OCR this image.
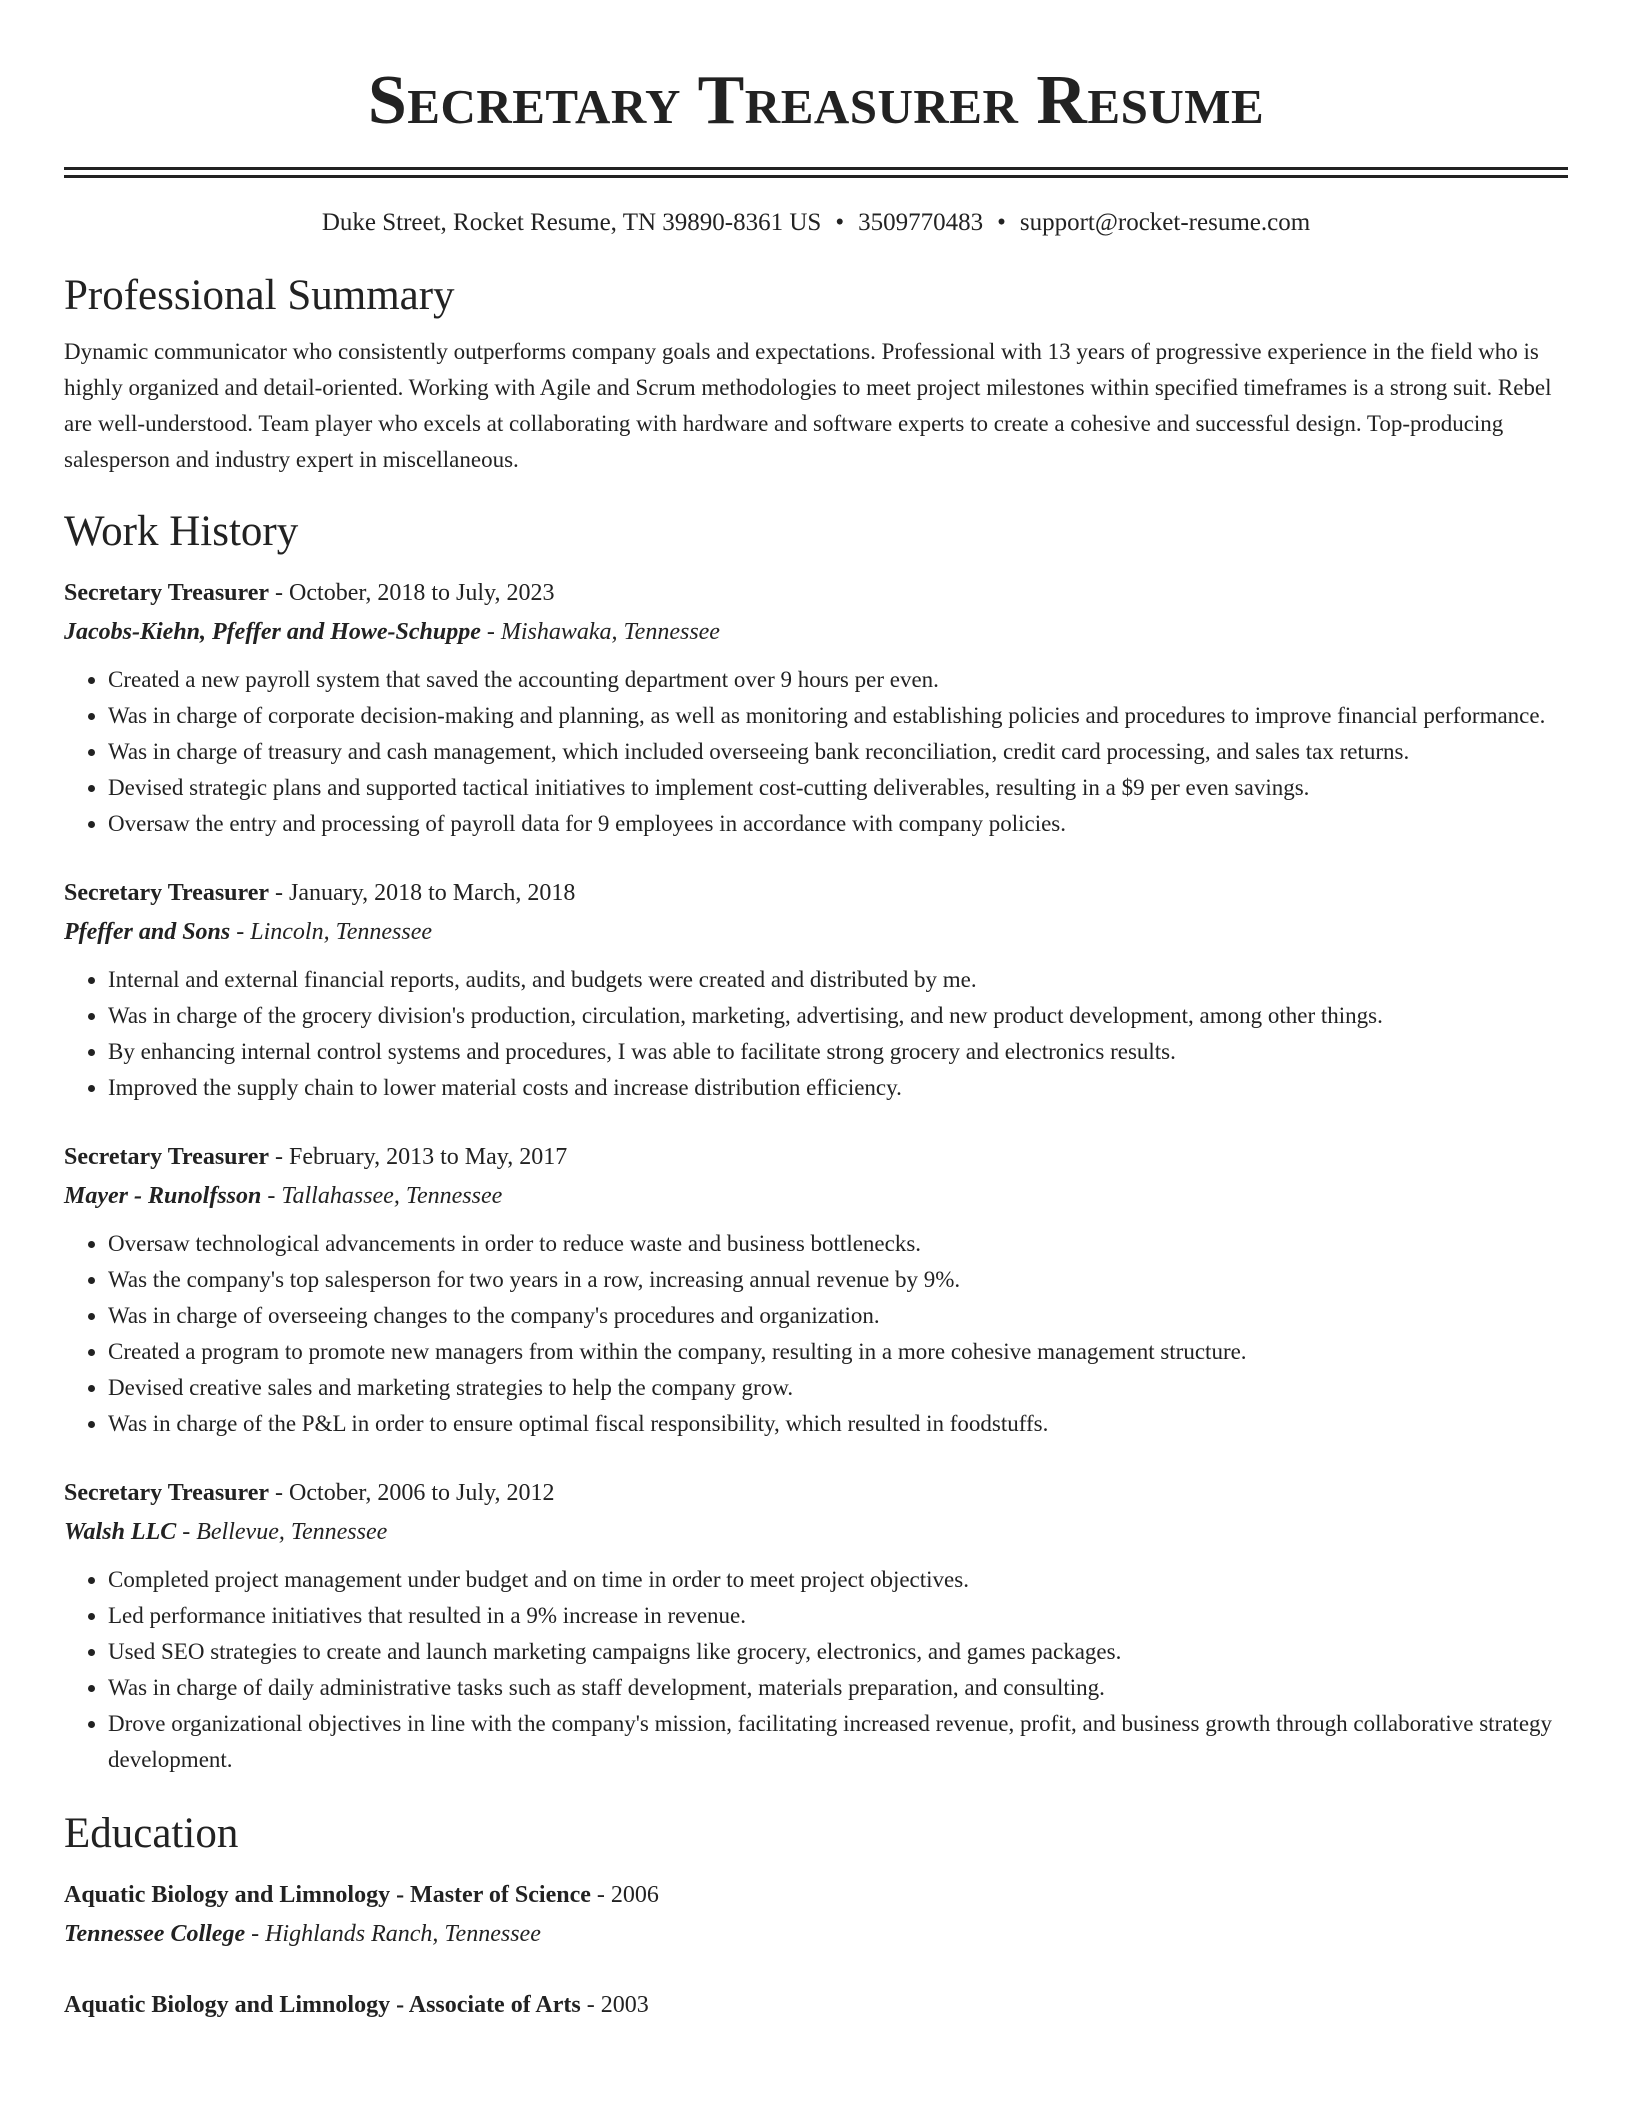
Secretary Treasurer Resume
Duke Street, Rocket Resume, TN 39890-8361 US • 3509770483 • support@rocket-resume.com
Professional Summary
Dynamic communicator who consistently outperforms company goals and expectations. Professional with 13 years of progressive experience in the field who is highly organized and detail-oriented. Working with Agile and Scrum methodologies to meet project milestones within specified timeframes is a strong suit. Rebel are well-understood. Team player who excels at collaborating with hardware and software experts to create a cohesive and successful design. Top-producing salesperson and industry expert in miscellaneous.
Work History
Secretary Treasurer - October, 2018 to July, 2023
Jacobs-Kiehn, Pfeffer and Howe-Schuppe - Mishawaka, Tennessee
• Created a new payroll system that saved the accounting department over 9 hours per even.
• Was in charge of corporate decision-making and planning, as well as monitoring and establishing policies and procedures to improve financial performance.
• Was in charge of treasury and cash management, which included overseeing bank reconciliation, credit card processing, and sales tax returns.
• Devised strategic plans and supported tactical initiatives to implement cost-cutting deliverables, resulting in a $9 per even savings.
• Oversaw the entry and processing of payroll data for 9 employees in accordance with company policies.
Secretary Treasurer - January, 2018 to March, 2018
Pfeffer and Sons - Lincoln, Tennessee
• Internal and external financial reports, audits, and budgets were created and distributed by me.
• Was in charge of the grocery division's production, circulation, marketing, advertising, and new product development, among other things.
• By enhancing internal control systems and procedures, I was able to facilitate strong grocery and electronics results.
• Improved the supply chain to lower material costs and increase distribution efficiency.
Secretary Treasurer - February, 2013 to May, 2017
Mayer - Runolfsson - Tallahassee, Tennessee
• Oversaw technological advancements in order to reduce waste and business bottlenecks.
• Was the company's top salesperson for two years in a row, increasing annual revenue by 9%.
• Was in charge of overseeing changes to the company's procedures and organization.
• Created a program to promote new managers from within the company, resulting in a more cohesive management structure.
• Devised creative sales and marketing strategies to help the company grow.
• Was in charge of the P&L in order to ensure optimal fiscal responsibility, which resulted in foodstuffs.
Secretary Treasurer - October, 2006 to July, 2012
Walsh LLC - Bellevue, Tennessee
• Completed project management under budget and on time in order to meet project objectives.
• Led performance initiatives that resulted in a 9% increase in revenue.
• Used SEO strategies to create and launch marketing campaigns like grocery, electronics, and games packages.
• Was in charge of daily administrative tasks such as staff development, materials preparation, and consulting.
• Drove organizational objectives in line with the company's mission, facilitating increased revenue, profit, and business growth through collaborative strategy development.
Education
Aquatic Biology and Limnology - Master of Science - 2006
Tennessee College - Highlands Ranch, Tennessee
Aquatic Biology and Limnology - Associate of Arts - 2003
